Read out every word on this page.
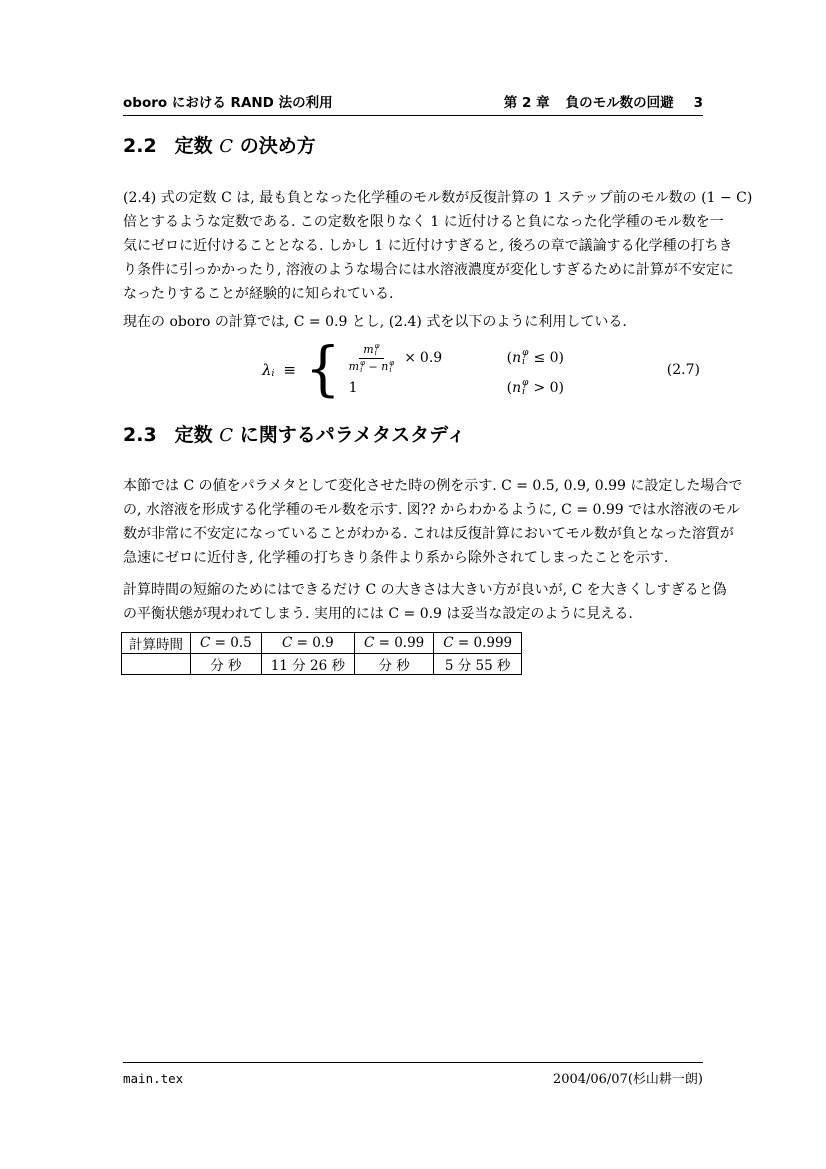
oboro における RAND 法の利用	第 2 章 負のモル数の回避 3
2.2 定数 C の決め方
(2.4) 式の定数 C は, 最も負となった化学種のモル数が反復計算の 1 ステップ前のモル数の (1 − C)
倍とするような定数である. この定数を限りなく 1 に近付けると負になった化学種のモル数を一
気にゼロに近付けることとなる. しかし 1 に近付けすぎると, 後ろの章で議論する化学種の打ちき
り条件に引っかかったり, 溶液のような場合には水溶液濃度が変化しすぎるために計算が不安定に
なったりすることが経験的に知られている.
現在の oboro の計算では, C = 0.9 とし, (2.4) 式を以下のように利用している.
$\lambda_i$ ≡ { m φ
i
m φ
i − n φ
i × 0.9	( n φ
i ≤ 0)
1	( n φ
i > 0)
(2.7)
2.3 定数 C に関するパラメタスタディ
本節では C の値をパラメタとして変化させた時の例を示す. C = 0.5, 0.9, 0.99 に設定した場合で
の, 水溶液を形成する化学種のモル数を示す. 図?? からわかるように, C = 0.99 では水溶液のモル
数が非常に不安定になっていることがわかる. これは反復計算においてモル数が負となった溶質が
急速にゼロに近付き, 化学種の打ちきり条件より系から除外されてしまったことを示す.
計算時間の短縮のためにはできるだけ C の大きさは大きい方が良いが, C を大きくしすぎると偽
の平衡状態が現われてしまう. 実用的には C = 0.9 は妥当な設定のように見える.
計算時間	C = 0.5	C = 0.9	C = 0.99	C = 0.999
	分 秒	11 分 26 秒	分 秒	5 分 55 秒
main.tex	2004/06/07(杉山耕一朗)
